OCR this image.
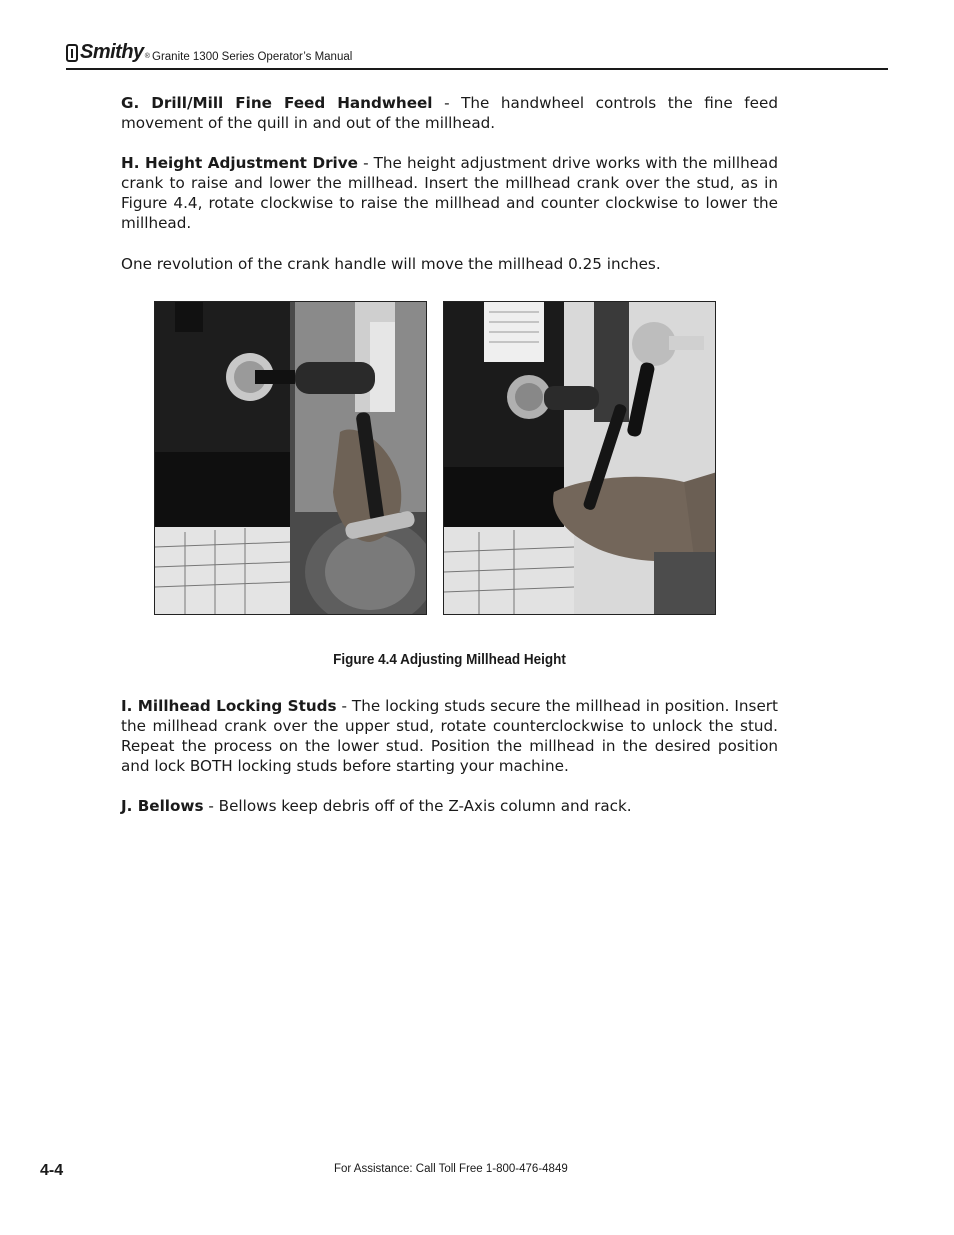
Smithy ® Granite 1300 Series Operator’s Manual

G. Drill/Mill Fine Feed Handwheel - The handwheel controls the fine feed movement of the quill in and out of the millhead.

H. Height Adjustment Drive - The height adjustment drive works with the millhead crank to raise and lower the millhead. Insert the millhead crank over the stud, as in Figure 4.4, rotate clockwise to raise the millhead and counter clockwise to lower the millhead.

One revolution of the crank handle will move the millhead 0.25 inches.

Figure 4.4 Adjusting Millhead Height

I. Millhead Locking Studs - The locking studs secure the millhead in position. Insert the millhead crank over the upper stud, rotate counterclockwise to unlock the stud. Repeat the process on the lower stud. Position the millhead in the desired position and lock BOTH locking studs before starting your machine.

J. Bellows - Bellows keep debris off of the Z-Axis column and rack.

4-4	For Assistance: Call Toll Free 1-800-476-4849
